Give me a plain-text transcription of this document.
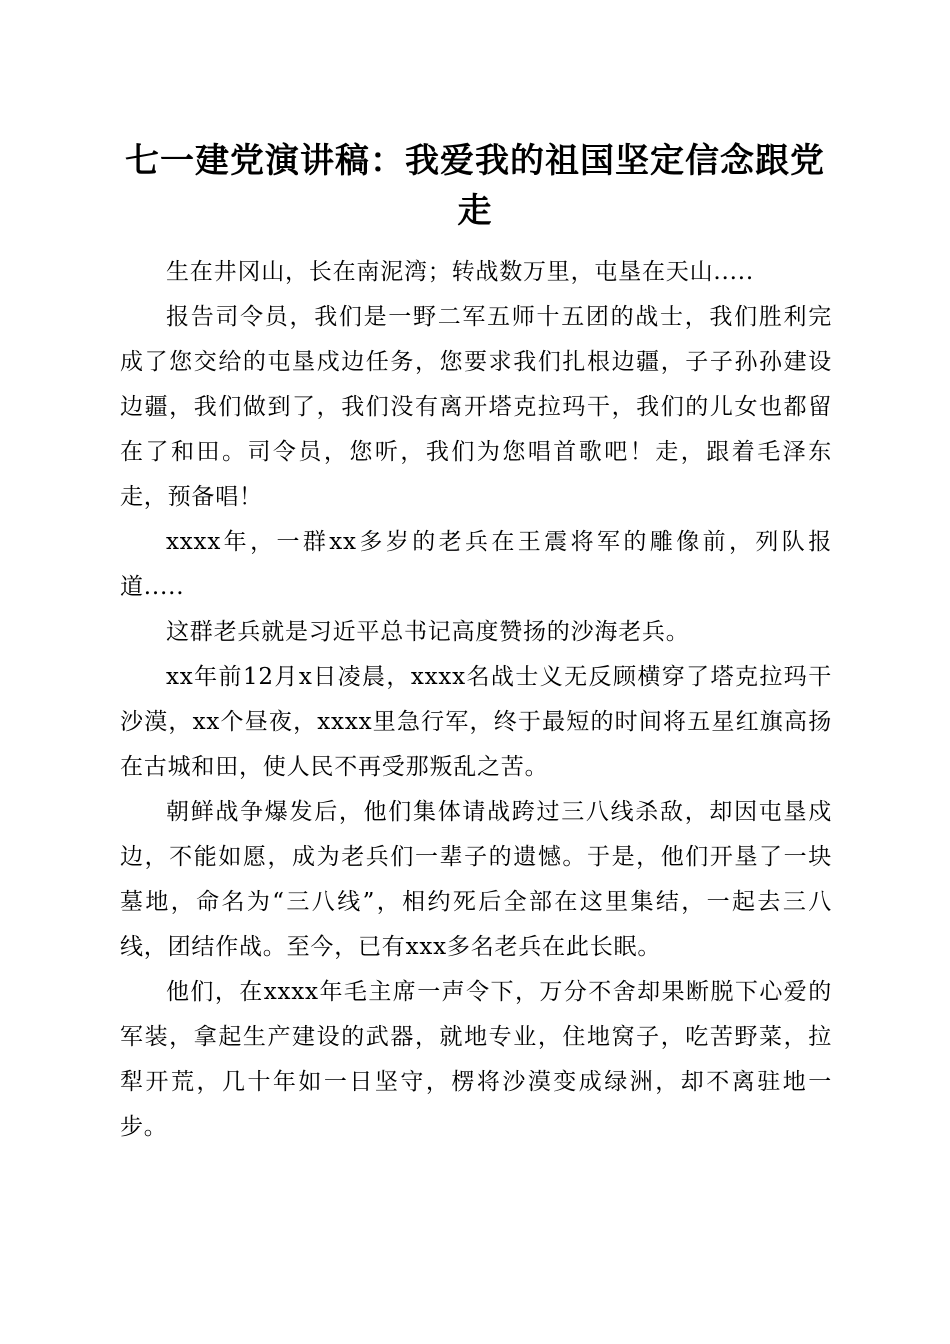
七一建党演讲稿：我爱我的祖国坚定信念跟党走

生在井冈山，长在南泥湾；转战数万里，屯垦在天山.....

报告司令员，我们是一野二军五师十五团的战士，我们胜利完成了您交给的屯垦戍边任务，您要求我们扎根边疆，子子孙孙建设边疆，我们做到了，我们没有离开塔克拉玛干，我们的儿女也都留在了和田。司令员，您听，我们为您唱首歌吧！走，跟着毛泽东走，预备唱！

xxxx年，一群xx多岁的老兵在王震将军的雕像前，列队报道.....

这群老兵就是习近平总书记高度赞扬的沙海老兵。

xx年前12月x日凌晨，xxxx名战士义无反顾横穿了塔克拉玛干沙漠，xx个昼夜，xxxx里急行军，终于最短的时间将五星红旗高扬在古城和田，使人民不再受那叛乱之苦。

朝鲜战争爆发后，他们集体请战跨过三八线杀敌，却因屯垦戍边，不能如愿，成为老兵们一辈子的遗憾。于是，他们开垦了一块墓地，命名为“三八线”，相约死后全部在这里集结，一起去三八线，团结作战。至今，已有xxx多名老兵在此长眠。

他们，在xxxx年毛主席一声令下，万分不舍却果断脱下心爱的军装，拿起生产建设的武器，就地专业，住地窝子，吃苦野菜，拉犁开荒，几十年如一日坚守，楞将沙漠变成绿洲，却不离驻地一步。
